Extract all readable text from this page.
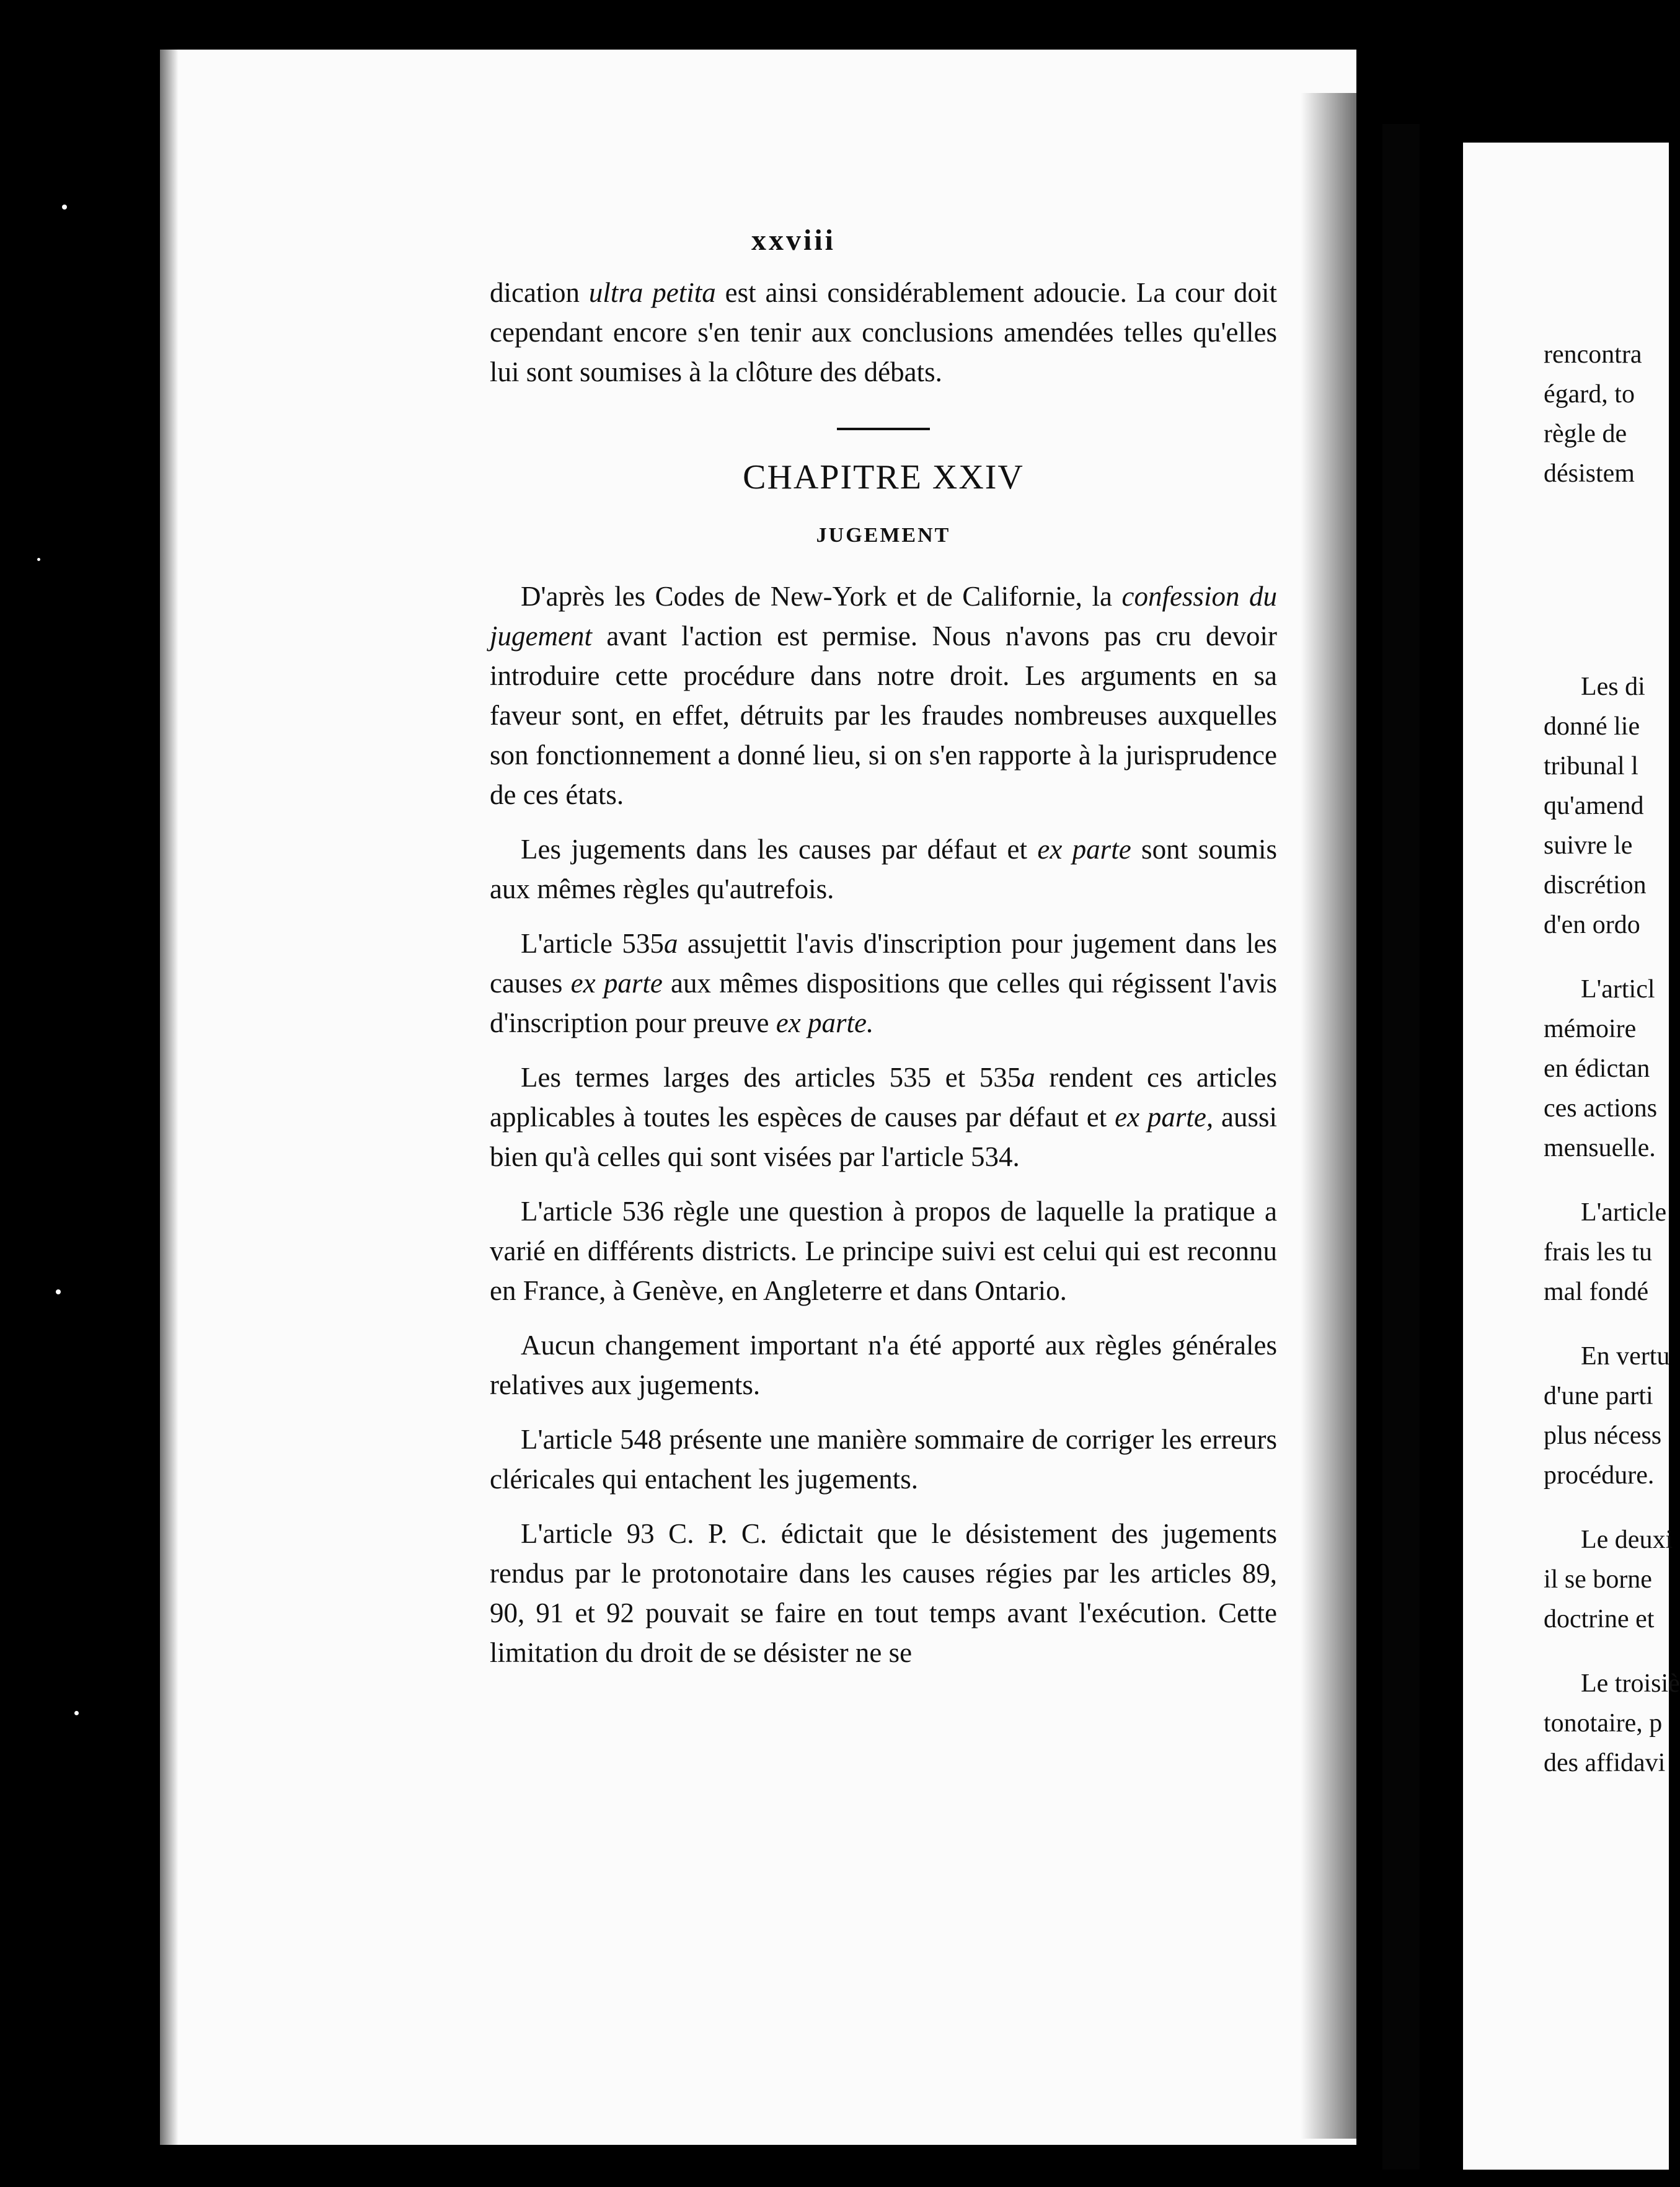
xxviii

dication ultra petita est ainsi considérablement adoucie. La cour doit cependant encore s'en tenir aux conclusions amendées telles qu'elles lui sont soumises à la clôture des débats.

CHAPITRE XXIV
JUGEMENT

D'après les Codes de New-York et de Californie, la confession du jugement avant l'action est permise. Nous n'avons pas cru devoir introduire cette procédure dans notre droit. Les arguments en sa faveur sont, en effet, détruits par les fraudes nombreuses auxquelles son fonctionnement a donné lieu, si on s'en rapporte à la jurisprudence de ces états.

Les jugements dans les causes par défaut et ex parte sont soumis aux mêmes règles qu'autrefois.

L'article 535a assujettit l'avis d'inscription pour jugement dans les causes ex parte aux mêmes dispositions que celles qui régissent l'avis d'inscription pour preuve ex parte.

Les termes larges des articles 535 et 535a rendent ces articles applicables à toutes les espèces de causes par défaut et ex parte, aussi bien qu'à celles qui sont visées par l'article 534.

L'article 536 règle une question à propos de laquelle la pratique a varié en différents districts. Le principe suivi est celui qui est reconnu en France, à Genève, en Angleterre et dans Ontario.

Aucun changement important n'a été apporté aux règles générales relatives aux jugements.

L'article 548 présente une manière sommaire de corriger les erreurs cléricales qui entachent les jugements.

L'article 93 C. P. C. édictait que le désistement des jugements rendus par le protonotaire dans les causes régies par les articles 89, 90, 91 et 92 pouvait se faire en tout temps avant l'exécution. Cette limitation du droit de se désister ne se

rencontra

égard, to

règle de

désistem

Les di

donné lie

tribunal l

qu'amend

suivre le

discrétion

d'en ordo

L'articl

mémoire

en édictan

ces actions

mensuelle.

L'article

frais les tu

mal fondé

En vertu

d'une parti

plus nécess

procédure.

Le deuxi

il se borne

doctrine et

Le troisiè

tonotaire, p

des affidavi
